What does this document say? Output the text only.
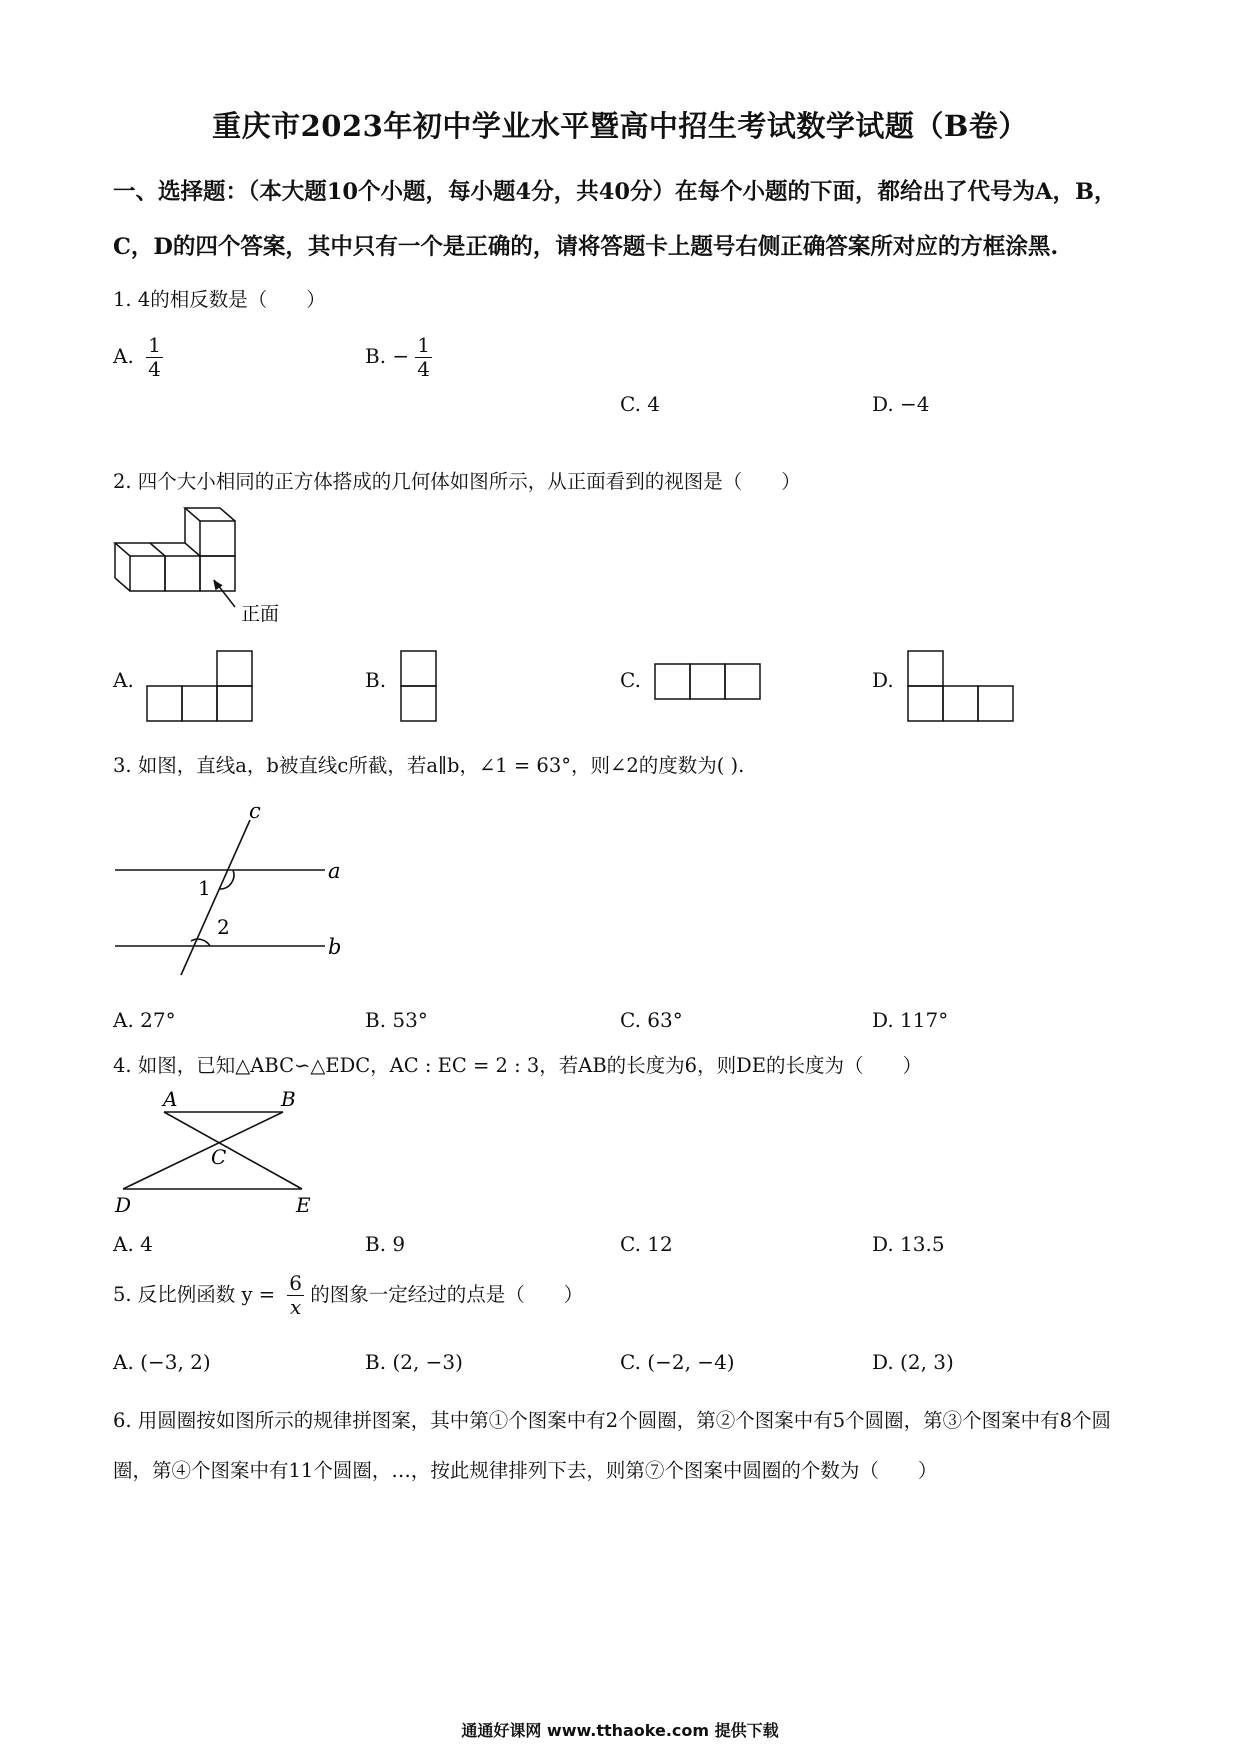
重庆市2023年初中学业水平暨高中招生考试数学试题（B卷）
一、选择题：（本大题10个小题，每小题4分，共40分）在每个小题的下面，都给出了代号为A，B，C，D的四个答案，其中只有一个是正确的，请将答题卡上题号右侧正确答案所对应的方框涂黑.
1. 4的相反数是（　　）
A. $\frac{1}{4}$	B. − $\frac{1}{4}$
C. 4	D. −4
2. 四个大小相同的正方体搭成的几何体如图所示，从正面看到的视图是（　　）
正面
A.	B.	C.	D.
3. 如图，直线a，b被直线c所截，若a∥b，∠1 = 63°，则∠2的度数为( ).
c
a
b
1
2
A. 27°	B. 53°	C. 63°	D. 117°
4. 如图，已知△ABC∽△EDC，AC : EC = 2 : 3，若AB的长度为6，则DE的长度为（　　）
A	B
C
D	E
A. 4	B. 9	C. 12	D. 13.5
5. 反比例函数 $y = \frac{6}{x}$ 的图象一定经过的点是（　　）
A. (−3, 2)	B. (2, −3)	C. (−2, −4)	D. (2, 3)
6. 用圆圈按如图所示的规律拼图案，其中第①个图案中有2个圆圈，第②个图案中有5个圆圈，第③个图案中有8个圆圈，第④个图案中有11个圆圈，…，按此规律排列下去，则第⑦个图案中圆圈的个数为（　　）
通通好课网 www.tthaoke.com 提供下载
